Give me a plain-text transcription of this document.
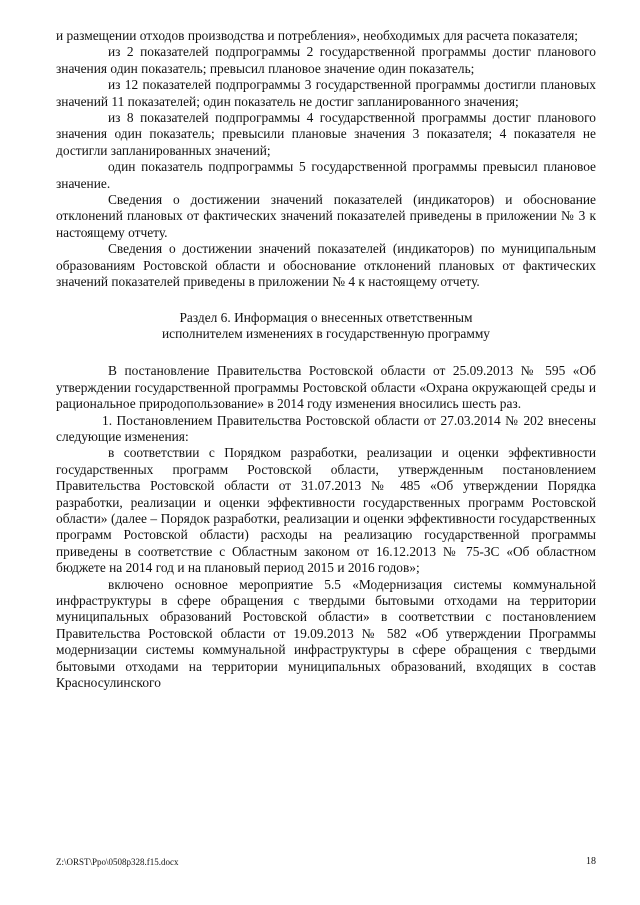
и размещении отходов производства и потребления», необходимых для расчета показателя;

из 2 показателей подпрограммы 2 государственной программы достиг планового значения один показатель; превысил плановое значение один показатель;

из 12 показателей подпрограммы 3 государственной программы достигли плановых значений 11 показателей; один показатель не достиг запланированного значения;

из 8 показателей подпрограммы 4 государственной программы достиг планового значения один показатель; превысили плановые значения 3 показателя; 4 показателя не достигли запланированных значений;

один показатель подпрограммы 5 государственной программы превысил плановое значение.

Сведения о достижении значений показателей (индикаторов) и обоснование отклонений плановых от фактических значений показателей приведены в приложении № 3 к настоящему отчету.

Сведения о достижении значений показателей (индикаторов) по муниципальным образованиям Ростовской области и обоснование отклонений плановых от фактических значений показателей приведены в приложении № 4 к настоящему отчету.

Раздел 6. Информация о внесенных ответственным
исполнителем изменениях в государственную программу

В постановление Правительства Ростовской области от 25.09.2013 № 595 «Об утверждении государственной программы Ростовской области «Охрана окружающей среды и рациональное природопользование» в 2014 году изменения вносились шесть раз.

1. Постановлением Правительства Ростовской области от 27.03.2014 № 202 внесены следующие изменения:

в соответствии с Порядком разработки, реализации и оценки эффективности государственных программ Ростовской области, утвержденным постановлением Правительства Ростовской области от 31.07.2013 № 485 «Об утверждении Порядка разработки, реализации и оценки эффективности государственных программ Ростовской области» (далее – Порядок разработки, реализации и оценки эффективности государственных программ Ростовской области) расходы на реализацию государственной программы приведены в соответствие с Областным законом от 16.12.2013 № 75-ЗС «Об областном бюджете на 2014 год и на плановый период 2015 и 2016 годов»;

включено основное мероприятие 5.5 «Модернизация системы коммунальной инфраструктуры в сфере обращения с твердыми бытовыми отходами на территории муниципальных образований Ростовской области» в соответствии с постановлением Правительства Ростовской области от 19.09.2013 № 582 «Об утверждении Программы модернизации системы коммунальной инфраструктуры в сфере обращения с твердыми бытовыми отходами на территории муниципальных образований, входящих в состав Красносулинского

Z:\ORST\Ppo\0508p328.f15.docx	18
